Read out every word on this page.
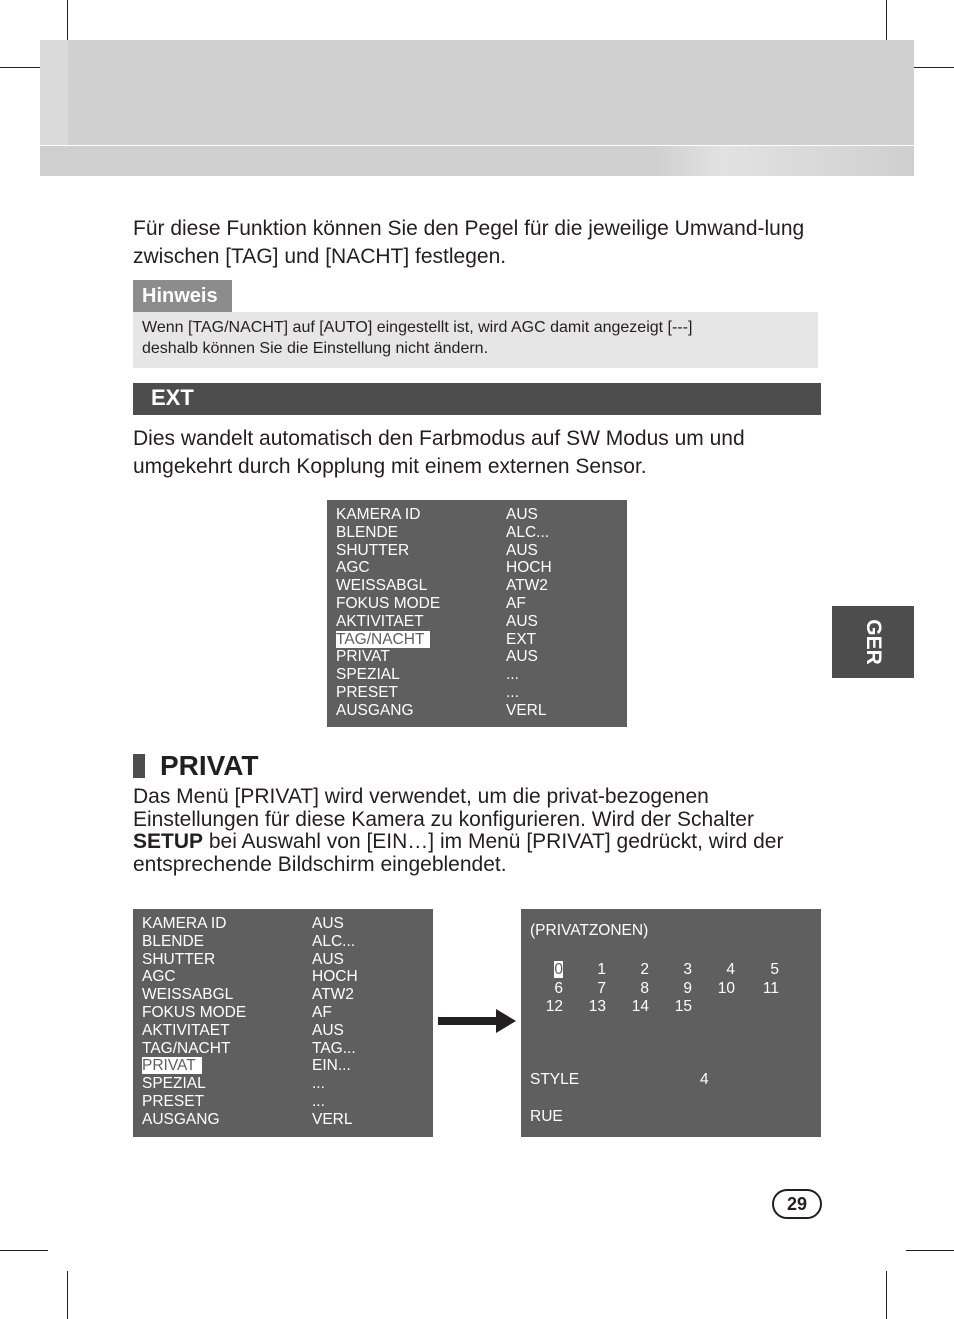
Für diese Funktion können Sie den Pegel für die jeweilige Umwand-lung zwischen [TAG] und [NACHT] festlegen.

Hinweis
Wenn [TAG/NACHT] auf [AUTO] eingestellt ist, wird AGC damit angezeigt [---]
deshalb können Sie die Einstellung nicht ändern.
EXT
Dies wandelt automatisch den Farbmodus auf SW Modus um und
umgekehrt durch Kopplung mit einem externen Sensor.
KAMERA ID	AUS
BLENDE	ALC...
SHUTTER	AUS
AGC	HOCH
WEISSABGL	ATW2
FOKUS MODE	AF
AKTIVITAET	AUS
TAG/NACHT	EXT
PRIVAT	AUS
SPEZIAL	...
PRESET	...
AUSGANG	VERL
PRIVAT
Das Menü [PRIVAT] wird verwendet, um die privat-bezogenen
Einstellungen für diese Kamera zu konfigurieren. Wird der Schalter
SETUP bei Auswahl von [EIN…] im Menü [PRIVAT] gedrückt, wird der
entsprechende Bildschirm eingeblendet.
KAMERA ID	AUS
BLENDE	ALC...
SHUTTER	AUS
AGC	HOCH
WEISSABGL	ATW2
FOKUS MODE	AF
AKTIVITAET	AUS
TAG/NACHT	TAG...
PRIVAT	EIN...
SPEZIAL	...
PRESET	...
AUSGANG	VERL
(PRIVATZONEN)
STYLE	4
RUE
0	1	2	3	4	5
6	7	8	9	10	11
12	13	14	15
GER
29
